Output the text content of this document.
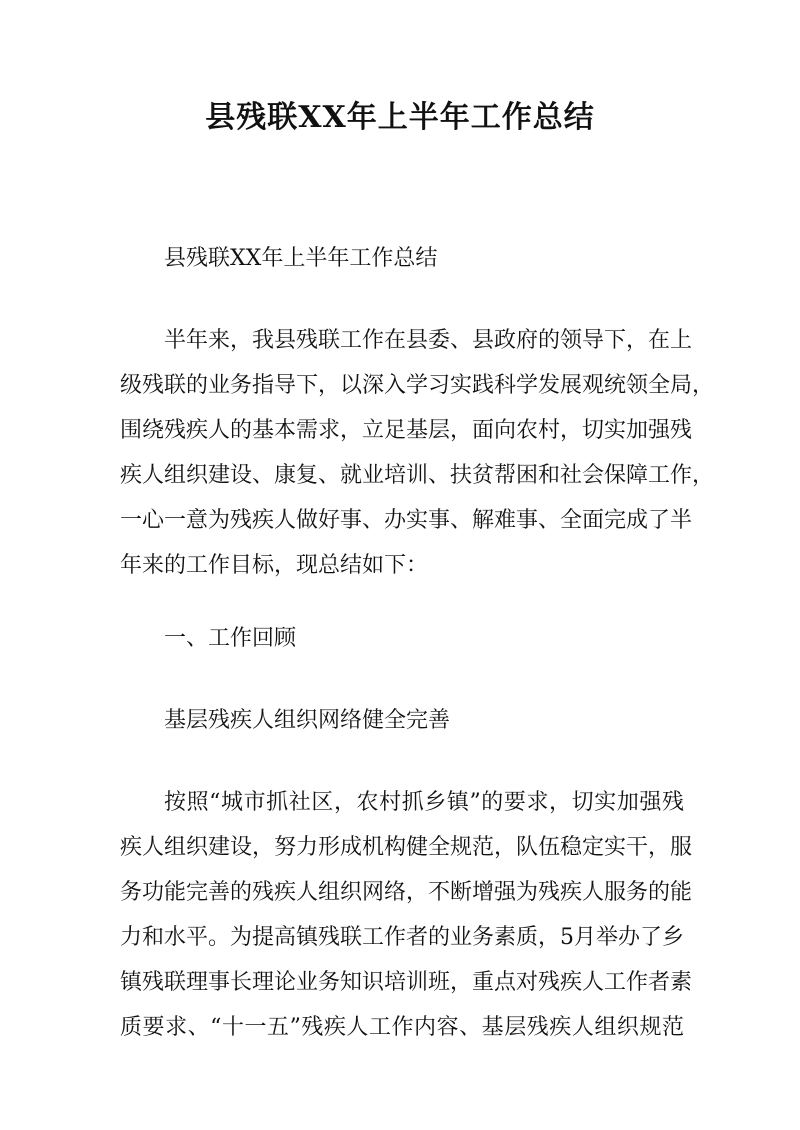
县残联XX年上半年工作总结
县残联XX年上半年工作总结
半年来，我县残联工作在县委、县政府的领导下，在上
级残联的业务指导下，以深入学习实践科学发展观统领全局，
围绕残疾人的基本需求，立足基层，面向农村，切实加强残
疾人组织建设、康复、就业培训、扶贫帮困和社会保障工作，
一心一意为残疾人做好事、办实事、解难事、全面完成了半
年来的工作目标，现总结如下：
一、工作回顾
基层残疾人组织网络健全完善
按照“城市抓社区，农村抓乡镇”的要求，切实加强残
疾人组织建设，努力形成机构健全规范，队伍稳定实干，服
务功能完善的残疾人组织网络，不断增强为残疾人服务的能
力和水平。为提高镇残联工作者的业务素质，5月举办了乡
镇残联理事长理论业务知识培训班，重点对残疾人工作者素
质要求、“十一五”残疾人工作内容、基层残疾人组织规范
